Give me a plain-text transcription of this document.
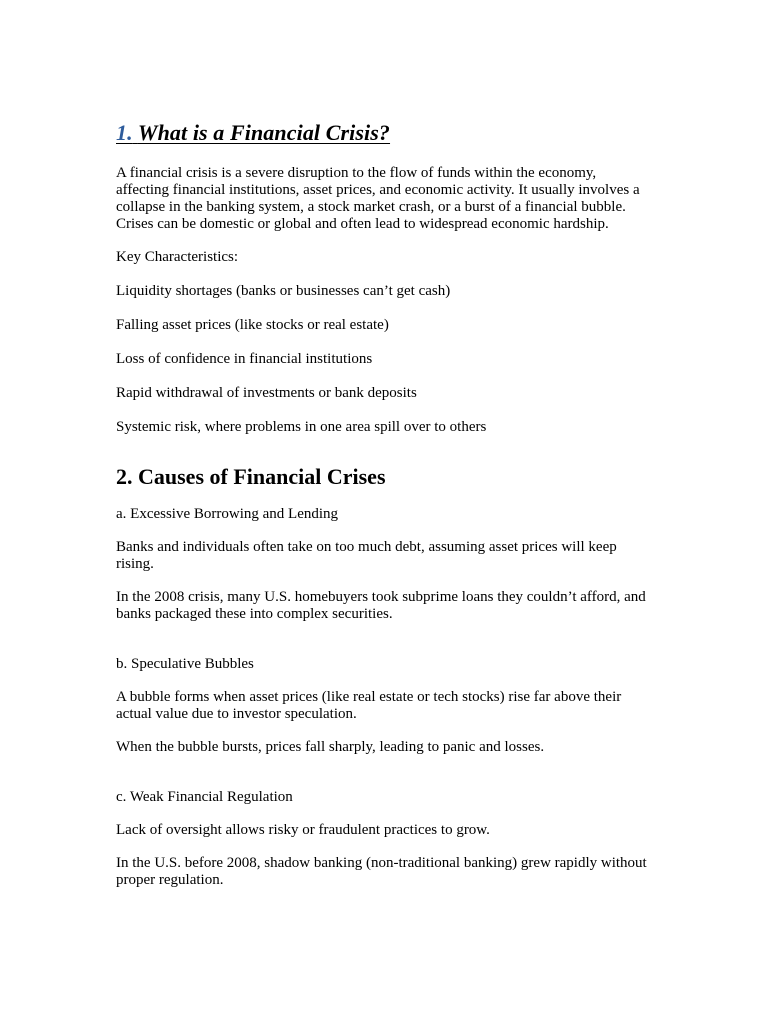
1. What is a Financial Crisis?

A financial crisis is a severe disruption to the flow of funds within the economy, affecting financial institutions, asset prices, and economic activity. It usually involves a collapse in the banking system, a stock market crash, or a burst of a financial bubble. Crises can be domestic or global and often lead to widespread economic hardship.

Key Characteristics:

Liquidity shortages (banks or businesses can’t get cash)

Falling asset prices (like stocks or real estate)

Loss of confidence in financial institutions

Rapid withdrawal of investments or bank deposits

Systemic risk, where problems in one area spill over to others

2. Causes of Financial Crises

a. Excessive Borrowing and Lending

Banks and individuals often take on too much debt, assuming asset prices will keep rising.

In the 2008 crisis, many U.S. homebuyers took subprime loans they couldn’t afford, and banks packaged these into complex securities.

b. Speculative Bubbles

A bubble forms when asset prices (like real estate or tech stocks) rise far above their actual value due to investor speculation.

When the bubble bursts, prices fall sharply, leading to panic and losses.

c. Weak Financial Regulation

Lack of oversight allows risky or fraudulent practices to grow.

In the U.S. before 2008, shadow banking (non-traditional banking) grew rapidly without proper regulation.
